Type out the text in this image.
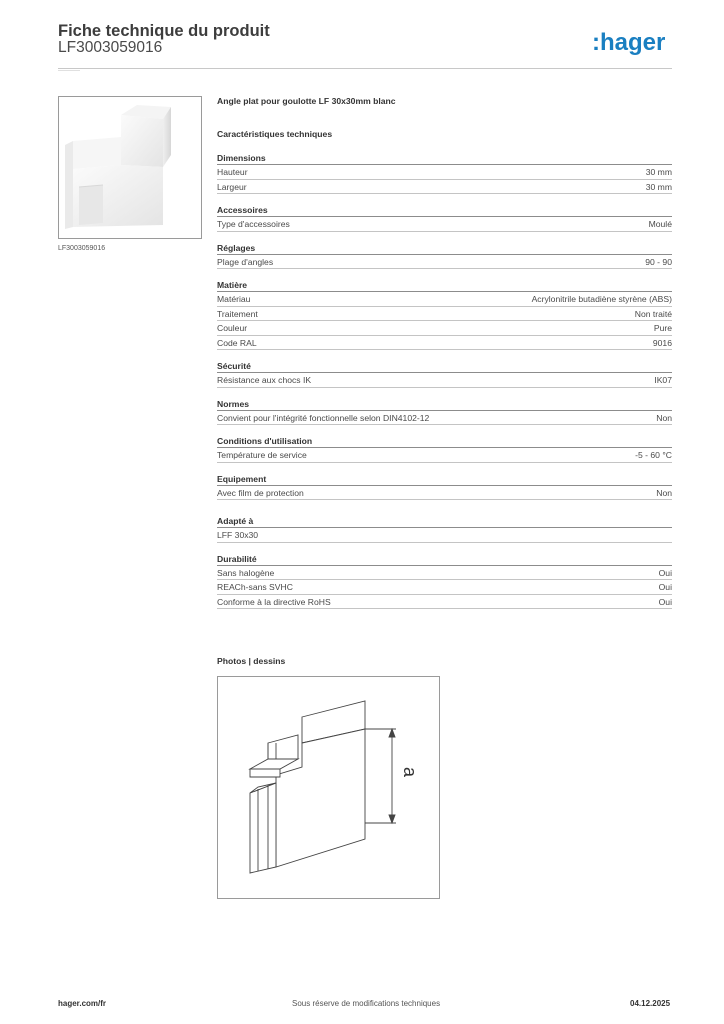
Fiche technique du produit
LF3003059016	:hager
LF3003059016
Angle plat pour goulotte LF 30x30mm blanc
Caractéristiques techniques
Dimensions
Hauteur	30 mm
Largeur	30 mm
Accessoires
Type d'accessoires	Moulé
Réglages
Plage d'angles	90 - 90
Matière
Matériau	Acrylonitrile butadiène styrène (ABS)
Traitement	Non traité
Couleur	Pure
Code RAL	9016
Sécurité
Résistance aux chocs IK	IK07
Normes
Convient pour l'intégrité fonctionnelle selon DIN4102-12	Non
Conditions d'utilisation
Température de service	-5 - 60 °C
Equipement
Avec film de protection	Non
Adapté à
LFF 30x30
Durabilité
Sans halogène	Oui
REACh-sans SVHC	Oui
Conforme à la directive RoHS	Oui
Photos | dessins
a
hager.com/fr	Sous réserve de modifications techniques	04.12.2025
